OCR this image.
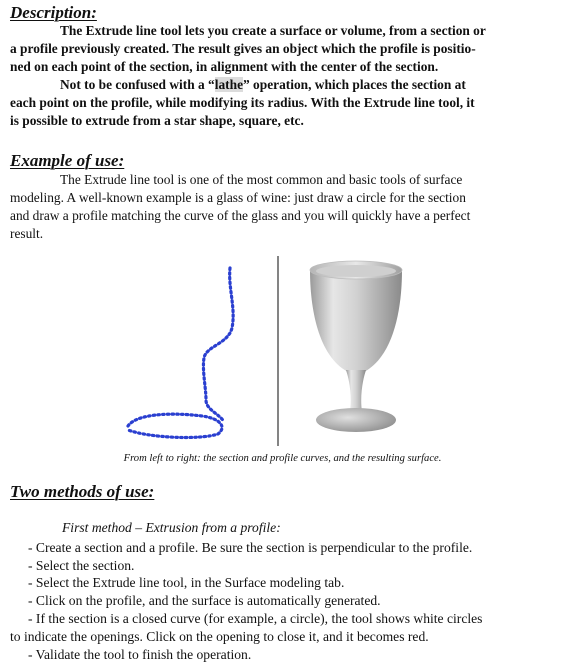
Description:
The Extrude line tool lets you create a surface or volume, from a section or
a profile previously created. The result gives an object which the profile is positio-
ned on each point of the section, in alignment with the center of the section.
Not to be confused with a “lathe” operation, which places the section at
each point on the profile, while modifying its radius. With the Extrude line tool, it
is possible to extrude from a star shape, square, etc.
Example of use:
The Extrude line tool is one of the most common and basic tools of surface
modeling. A well-known example is a glass of wine: just draw a circle for the section
and draw a profile matching the curve of the glass and you will quickly have a perfect
result.
From left to right: the section and profile curves, and the resulting surface.
Two methods of use:
First method – Extrusion from a profile:
- Create a section and a profile. Be sure the section is perpendicular to the profile.
- Select the section.
- Select the Extrude line tool, in the Surface modeling tab.
- Click on the profile, and the surface is automatically generated.
- If the section is a closed curve (for example, a circle), the tool shows white circles
to indicate the openings. Click on the opening to close it, and it becomes red.
- Validate the tool to finish the operation.
